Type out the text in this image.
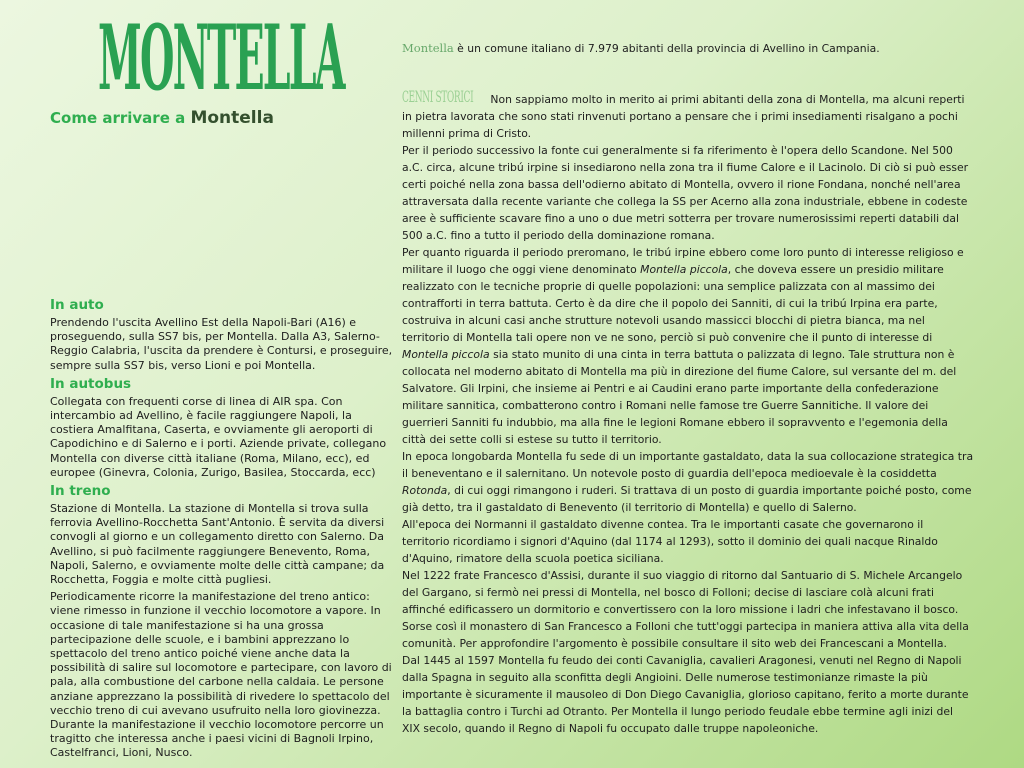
MONTELLA
Come arrivare a Montella
In auto

Prendendo l'uscita Avellino Est della Napoli-Bari (A16) e proseguendo, sulla SS7 bis, per Montella. Dalla A3, Salerno-Reggio Calabria, l'uscita da prendere è Contursi, e proseguire, sempre sulla SS7 bis, verso Lioni e poi Montella.

In autobus

Collegata con frequenti corse di linea di AIR spa. Con intercambio ad Avellino, è facile raggiungere Napoli, la costiera Amalfitana, Caserta, e ovviamente gli aeroporti di Capodichino e di Salerno e i porti. Aziende private, collegano Montella con diverse città italiane (Roma, Milano, ecc), ed europee (Ginevra, Colonia, Zurigo, Basilea, Stoccarda, ecc)

In treno

Stazione di Montella. La stazione di Montella si trova sulla ferrovia Avellino-Rocchetta Sant'Antonio. È servita da diversi convogli al giorno e un collegamento diretto con Salerno. Da Avellino, si può facilmente raggiungere Benevento, Roma, Napoli, Salerno, e ovviamente molte delle città campane; da Rocchetta, Foggia e molte città pugliesi.

Periodicamente ricorre la manifestazione del treno antico: viene rimesso in funzione il vecchio locomotore a vapore. In occasione di tale manifestazione si ha una grossa partecipazione delle scuole, e i bambini apprezzano lo spettacolo del treno antico poiché viene anche data la possibilità di salire sul locomotore e partecipare, con lavoro di pala, alla combustione del carbone nella caldaia. Le persone anziane apprezzano la possibilità di rivedere lo spettacolo del vecchio treno di cui avevano usufruito nella loro giovinezza. Durante la manifestazione il vecchio locomotore percorre un tragitto che interessa anche i paesi vicini di Bagnoli Irpino, Castelfranci, Lioni, Nusco.

Montella è un comune italiano di 7.979 abitanti della provincia di Avellino in Campania.

CENNI STORICI Non sappiamo molto in merito ai primi abitanti della zona di Montella, ma alcuni reperti in pietra lavorata che sono stati rinvenuti portano a pensare che i primi insediamenti risalgano a pochi millenni prima di Cristo.

Per il periodo successivo la fonte cui generalmente si fa riferimento è l'opera dello Scandone. Nel 500 a.C. circa, alcune tribú irpine si insediarono nella zona tra il fiume Calore e il Lacinolo. Di ciò si può esser certi poiché nella zona bassa dell'odierno abitato di Montella, ovvero il rione Fondana, nonché nell'area attraversata dalla recente variante che collega la SS per Acerno alla zona industriale, ebbene in codeste aree è sufficiente scavare fino a uno o due metri sotterra per trovare numerosissimi reperti databili dal 500 a.C. fino a tutto il periodo della dominazione romana.

Per quanto riguarda il periodo preromano, le tribú irpine ebbero come loro punto di interesse religioso e militare il luogo che oggi viene denominato Montella piccola, che doveva essere un presidio militare realizzato con le tecniche proprie di quelle popolazioni: una semplice palizzata con al massimo dei contrafforti in terra battuta. Certo è da dire che il popolo dei Sanniti, di cui la tribú Irpina era parte, costruiva in alcuni casi anche strutture notevoli usando massicci blocchi di pietra bianca, ma nel territorio di Montella tali opere non ve ne sono, perciò si può convenire che il punto di interesse di Montella piccola sia stato munito di una cinta in terra battuta o palizzata di legno. Tale struttura non è collocata nel moderno abitato di Montella ma più in direzione del fiume Calore, sul versante del m. del Salvatore. Gli Irpini, che insieme ai Pentri e ai Caudini erano parte importante della confederazione militare sannitica, combatterono contro i Romani nelle famose tre Guerre Sannitiche. Il valore dei guerrieri Sanniti fu indubbio, ma alla fine le legioni Romane ebbero il sopravvento e l'egemonia della città dei sette colli si estese su tutto il territorio.

In epoca longobarda Montella fu sede di un importante gastaldato, data la sua collocazione strategica tra il beneventano e il salernitano. Un notevole posto di guardia dell'epoca medioevale è la cosiddetta Rotonda, di cui oggi rimangono i ruderi. Si trattava di un posto di guardia importante poiché posto, come già detto, tra il gastaldato di Benevento (il territorio di Montella) e quello di Salerno.

All'epoca dei Normanni il gastaldato divenne contea. Tra le importanti casate che governarono il territorio ricordiamo i signori d'Aquino (dal 1174 al 1293), sotto il dominio dei quali nacque Rinaldo d'Aquino, rimatore della scuola poetica siciliana.

Nel 1222 frate Francesco d'Assisi, durante il suo viaggio di ritorno dal Santuario di S. Michele Arcangelo del Gargano, si fermò nei pressi di Montella, nel bosco di Folloni; decise di lasciare colà alcuni frati affinché edificassero un dormitorio e convertissero con la loro missione i ladri che infestavano il bosco. Sorse così il monastero di San Francesco a Folloni che tutt'oggi partecipa in maniera attiva alla vita della comunità. Per approfondire l'argomento è possibile consultare il sito web dei Francescani a Montella.

Dal 1445 al 1597 Montella fu feudo dei conti Cavaniglia, cavalieri Aragonesi, venuti nel Regno di Napoli dalla Spagna in seguito alla sconfitta degli Angioini. Delle numerose testimonianze rimaste la più importante è sicuramente il mausoleo di Don Diego Cavaniglia, glorioso capitano, ferito a morte durante la battaglia contro i Turchi ad Otranto. Per Montella il lungo periodo feudale ebbe termine agli inizi del XIX secolo, quando il Regno di Napoli fu occupato dalle truppe napoleoniche.
